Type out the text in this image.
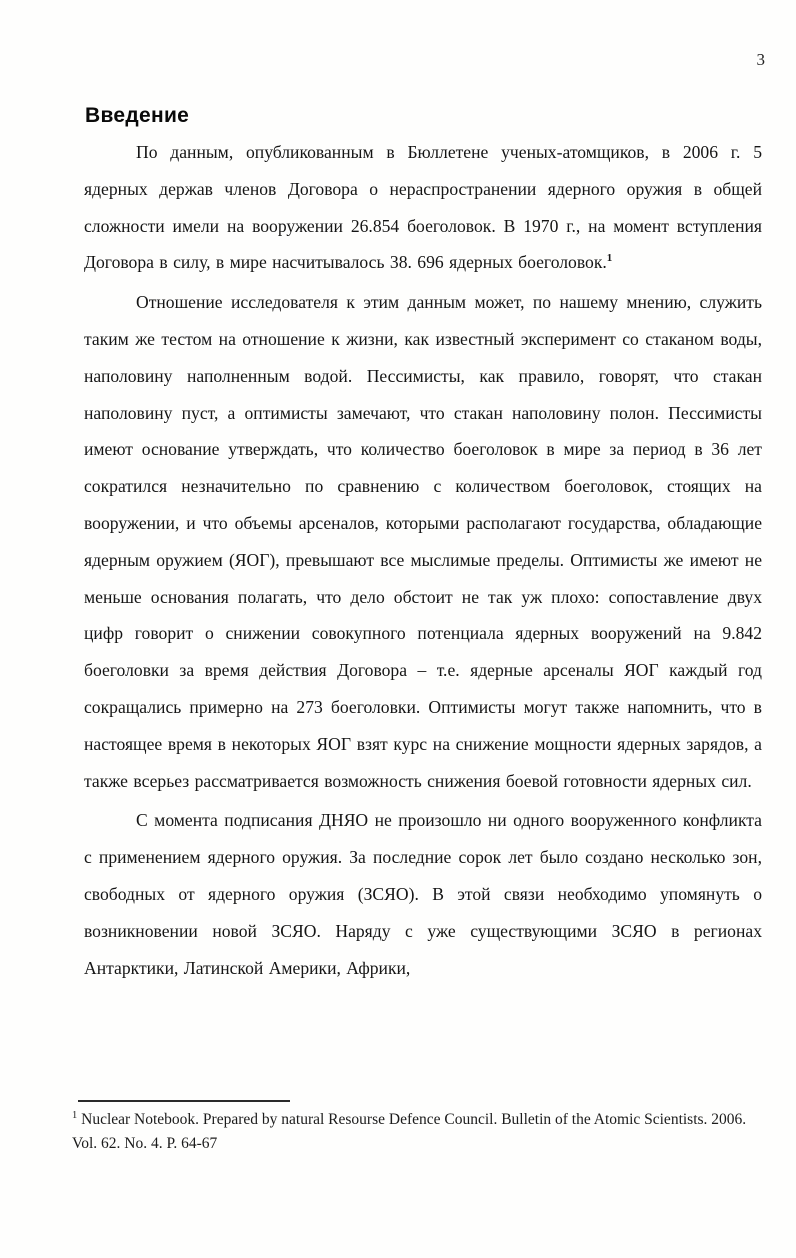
3
Введение

По данным, опубликованным в Бюллетене ученых-атомщиков, в 2006 г. 5 ядерных держав членов Договора о нераспространении ядерного оружия в общей сложности имели на вооружении 26.854 боеголовок. В 1970 г., на момент вступления Договора в силу, в мире насчитывалось 38. 696 ядерных боеголовок.$^1$

Отношение исследователя к этим данным может, по нашему мнению, служить таким же тестом на отношение к жизни, как известный эксперимент со стаканом воды, наполовину наполненным водой. Пессимисты, как правило, говорят, что стакан наполовину пуст, а оптимисты замечают, что стакан наполовину полон. Пессимисты имеют основание утверждать, что количество боеголовок в мире за период в 36 лет сократился незначительно по сравнению с количеством боеголовок, стоящих на вооружении, и что объемы арсеналов, которыми располагают государства, обладающие ядерным оружием (ЯОГ), превышают все мыслимые пределы. Оптимисты же имеют не меньше основания полагать, что дело обстоит не так уж плохо: сопоставление двух цифр говорит о снижении совокупного потенциала ядерных вооружений на 9.842 боеголовки за время действия Договора – т.е. ядерные арсеналы ЯОГ каждый год сокращались примерно на 273 боеголовки. Оптимисты могут также напомнить, что в настоящее время в некоторых ЯОГ взят курс на снижение мощности ядерных зарядов, а также всерьез рассматривается возможность снижения боевой готовности ядерных сил.

С момента подписания ДНЯО не произошло ни одного вооруженного конфликта с применением ядерного оружия. За последние сорок лет было создано несколько зон, свободных от ядерного оружия (ЗСЯО). В этой связи необходимо упомянуть о возникновении новой ЗСЯО. Наряду с уже существующими ЗСЯО в регионах Антарктики, Латинской Америки, Африки,

$^1$ Nuclear Notebook. Prepared by natural Resourse Defence Council. Bulletin of the Atomic Scientists. 2006. Vol. 62. No. 4. P. 64-67
